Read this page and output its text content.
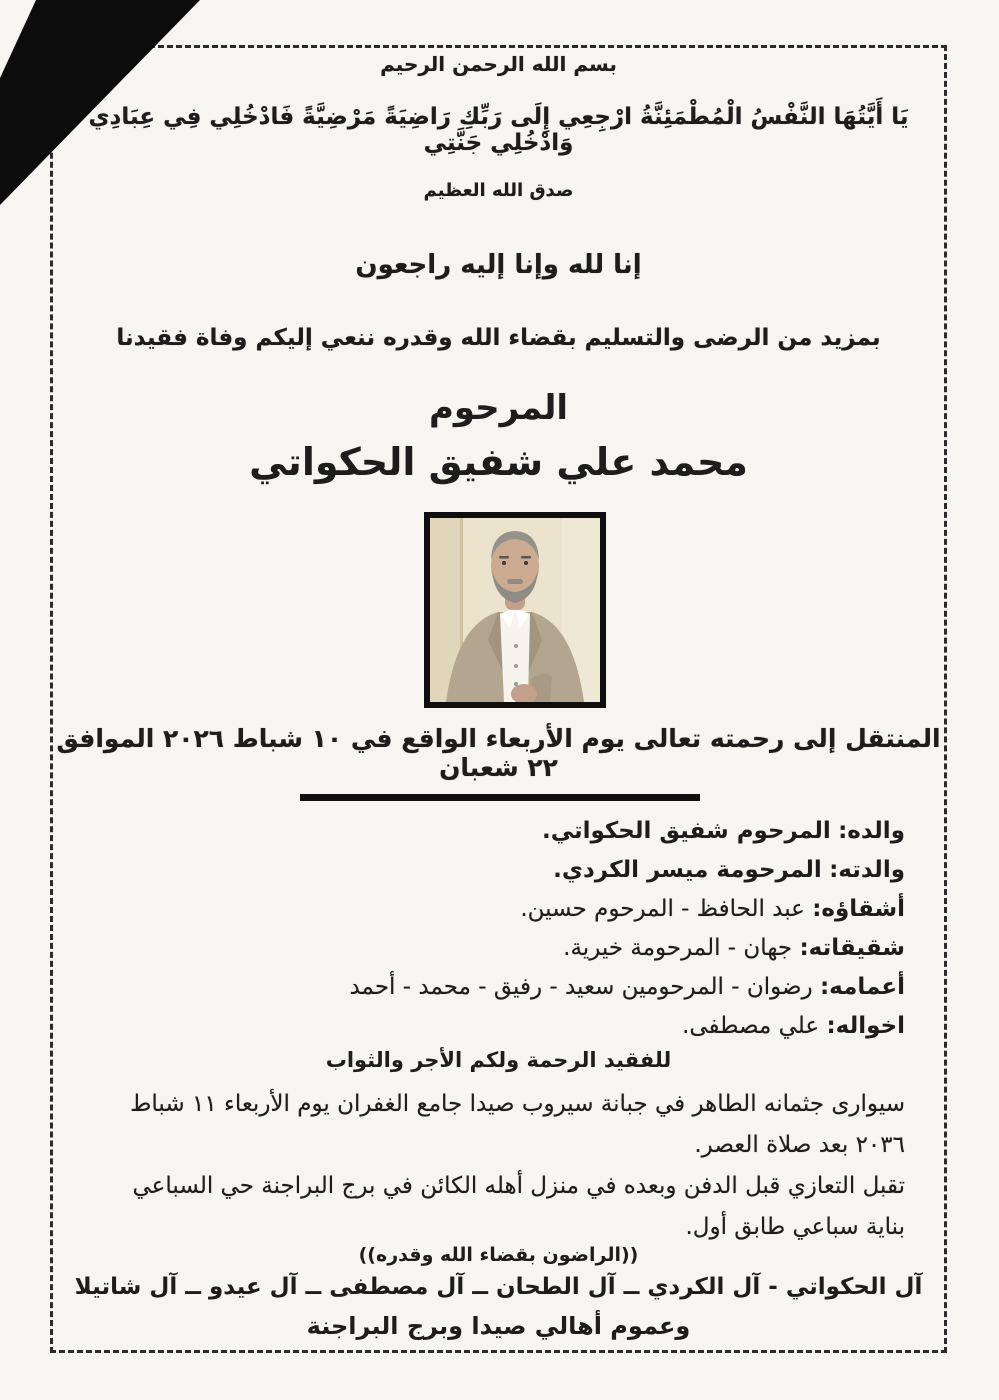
بسم الله الرحمن الرحيم
يَا أَيَّتُهَا النَّفْسُ الْمُطْمَئِنَّةُ ارْجِعِي إِلَى رَبِّكِ رَاضِيَةً مَرْضِيَّةً فَادْخُلِي فِي عِبَادِي وَادْخُلِي جَنَّتِي
صدق الله العظيم
إنا لله وإنا إليه راجعون
بمزيد من الرضى والتسليم بقضاء الله وقدره ننعي إليكم وفاة فقيدنا
المرحوم
محمد علي شفيق الحكواتي
المنتقل إلى رحمته تعالى يوم الأربعاء الواقع في ١٠ شباط ٢٠٢٦ الموافق ٢٢ شعبان
والده: المرحوم شفيق الحكواتي.
والدته: المرحومة ميسر الكردي.
أشقاؤه: عبد الحافظ - المرحوم حسين.
شقيقاته: جهان - المرحومة خيرية.
أعمامه: رضوان - المرحومين سعيد - رفيق - محمد - أحمد
اخواله: علي مصطفى.
للفقيد الرحمة ولكم الأجر والثواب
سيوارى جثمانه الطاهر في جبانة سيروب صيدا جامع الغفران يوم الأربعاء ١١ شباط ٢٠٣٦ بعد صلاة العصر.
تقبل التعازي قبل الدفن وبعده في منزل أهله الكائن في برج البراجنة حي السباعي بناية سباعي طابق أول.
((الراضون بقضاء الله وقدره))
آل الحكواتي - آل الكردي ــ آل الطحان ــ آل مصطفى ــ آل عيدو ــ آل شاتيلا
وعموم أهالي صيدا وبرج البراجنة
